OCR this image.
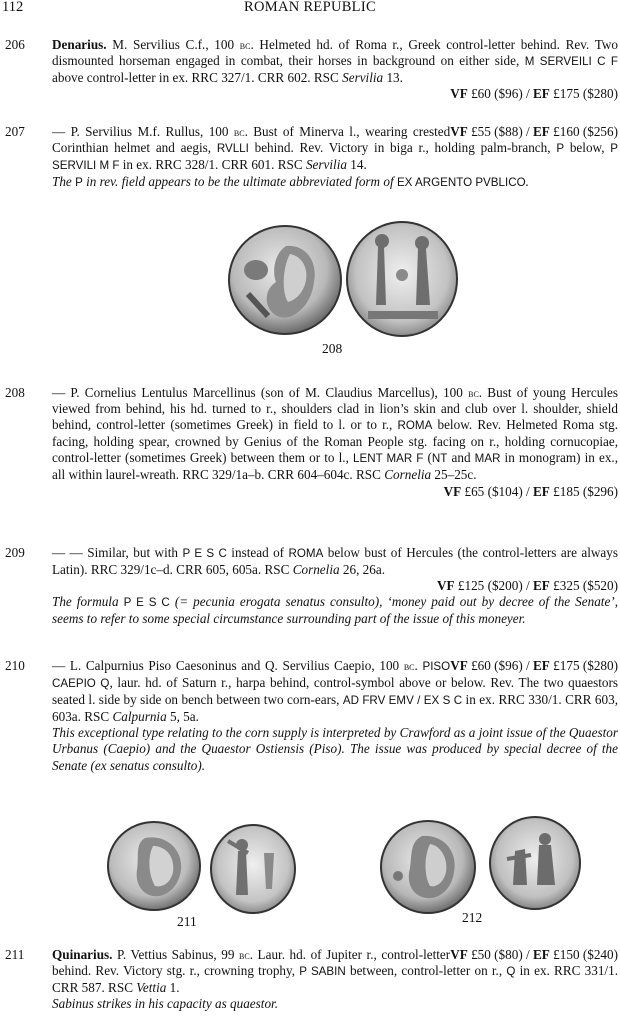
112	ROMAN REPUBLIC
206 Denarius. M. Servilius C.f., 100 bc. Helmeted hd. of Roma r., Greek control-letter behind. Rev. Two dismounted horseman engaged in combat, their horses in background on either side, M SERVEILI C F above control-letter in ex. RRC 327/1. CRR 602. RSC Servilia 13.

VF £60 ($96) / EF £175 ($280)

207	VF £55 ($88) / EF £160 ($256)
— P. Servilius M.f. Rullus, 100 bc. Bust of Minerva l., wearing crested Corinthian helmet and aegis, RVLLI behind. Rev. Victory in biga r., holding palm-branch, P below, P SERVILI M F in ex. RRC 328/1. CRR 601. RSC Servilia 14.

The P in rev. field appears to be the ultimate abbreviated form of EX ARGENTO PVBLICO.

208
208 — P. Cornelius Lentulus Marcellinus (son of M. Claudius Marcellus), 100 bc. Bust of young Hercules viewed from behind, his hd. turned to r., shoulders clad in lion’s skin and club over l. shoulder, shield behind, control-letter (sometimes Greek) in field to l. or to r., ROMA below. Rev. Helmeted Roma stg. facing, holding spear, crowned by Genius of the Roman People stg. facing on r., holding cornucopiae, control-letter (sometimes Greek) between them or to l., LENT MAR F (NT and MAR in monogram) in ex., all within laurel-wreath. RRC 329/1a–b. CRR 604–604c. RSC Cornelia 25–25c.

VF £65 ($104) / EF £185 ($296)

209 — — Similar, but with P E S C instead of ROMA below bust of Hercules (the control-letters are always Latin). RRC 329/1c–d. CRR 605, 605a. RSC Cornelia 26, 26a.

VF £125 ($200) / EF £325 ($520)

The formula P E S C (= pecunia erogata senatus consulto), ‘money paid out by decree of the Senate’, seems to refer to some special circumstance surrounding part of the issue of this moneyer.

210	VF £60 ($96) / EF £175 ($280)
— L. Calpurnius Piso Caesoninus and Q. Servilius Caepio, 100 bc. PISO CAEPIO Q, laur. hd. of Saturn r., harpa behind, control-symbol above or below. Rev. The two quaestors seated l. side by side on bench between two corn-ears, AD FRV EMV / EX S C in ex. RRC 330/1. CRR 603, 603a. RSC Calpurnia 5, 5a.

This exceptional type relating to the corn supply is interpreted by Crawford as a joint issue of the Quaestor Urbanus (Caepio) and the Quaestor Ostiensis (Piso). The issue was produced by special decree of the Senate (ex senatus consulto).

211	212
211	VF £50 ($80) / EF £150 ($240)
Quinarius. P. Vettius Sabinus, 99 bc. Laur. hd. of Jupiter r., control-letter behind. Rev. Victory stg. r., crowning trophy, P SABIN between, control-letter on r., Q in ex. RRC 331/1. CRR 587. RSC Vettia 1.

Sabinus strikes in his capacity as quaestor.
